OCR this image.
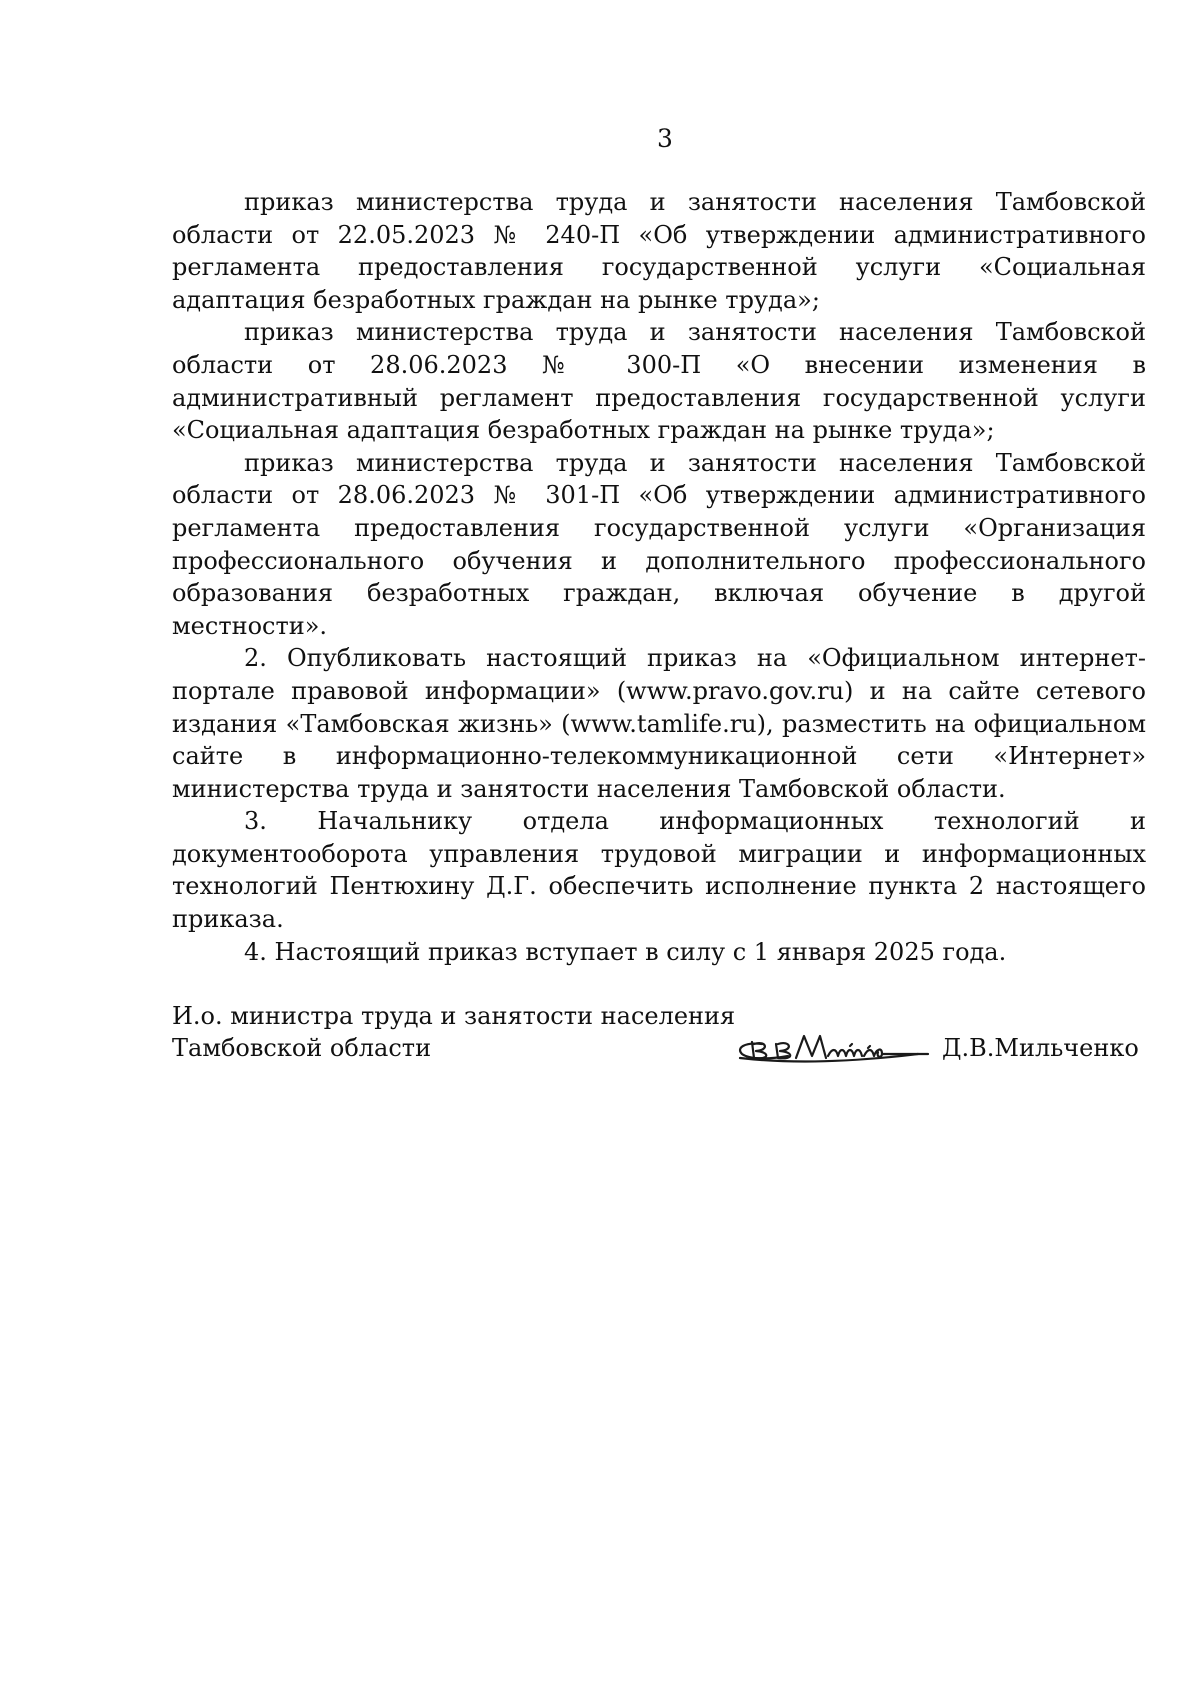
3

приказ министерства труда и занятости населения Тамбовской области от 22.05.2023 № 240-П «Об утверждении административного регламента предоставления государственной услуги «Социальная адаптация безработных граждан на рынке труда»;

приказ министерства труда и занятости населения Тамбовской области от 28.06.2023 № 300-П «О внесении изменения в административный регламент предоставления государственной услуги «Социальная адаптация безработных граждан на рынке труда»;

приказ министерства труда и занятости населения Тамбовской области от 28.06.2023 № 301-П «Об утверждении административного регламента предоставления государственной услуги «Организация профессионального обучения и дополнительного профессионального образования безработных граждан, включая обучение в другой местности».

2. Опубликовать настоящий приказ на «Официальном интернет-портале правовой информации» (www.pravo.gov.ru) и на сайте сетевого издания «Тамбовская жизнь» (www.tamlife.ru), разместить на официальном сайте в информационно-телекоммуникационной сети «Интернет» министерства труда и занятости населения Тамбовской области.

3. Начальнику отдела информационных технологий и документооборота управления трудовой миграции и информационных технологий Пентюхину Д.Г. обеспечить исполнение пункта 2 настоящего приказа.

4. Настоящий приказ вступает в силу с 1 января 2025 года.

И.о. министра труда и занятости населения
Тамбовской области	Д.В.Мильченко
